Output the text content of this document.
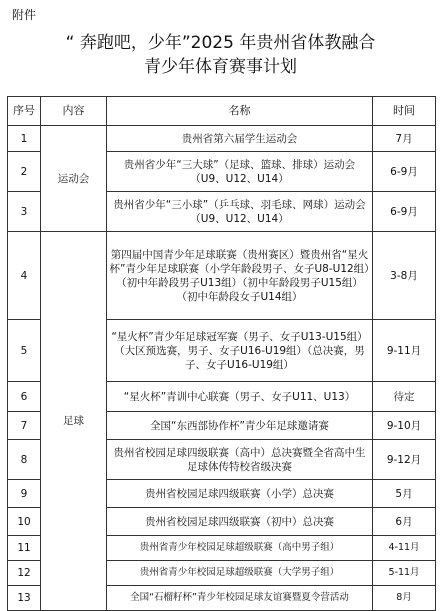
附件
“ 奔跑吧，少年”2025 年贵州省体教融合
青少年体育赛事计划
序号	内容	名称	时间
1	运动会	贵州省第六届学生运动会	7月
2		贵州省少年“三大球”（足球、篮球、排球）运动会（U9、U12、U14）	6-9月
3		贵州省少年“三小球”（乒乓球、羽毛球、网球）运动会（U9、U12、U14）	6-9月
4	足球	第四届中国青少年足球联赛（贵州赛区）暨贵州省“星火杯”青少年足球联赛（小学年龄段男子、女子U8-U12组）（初中年龄段男子U13组）（初中年龄段男子U15组）（初中年龄段女子U14组）	3-8月
5		“星火杯”青少年足球冠军赛（男子、女子U13-U15组）（大区预选赛，男子、女子U16-U19组）（总决赛，男子、女子U16-U19组）	9-11月
6		“星火杯”青训中心联赛（男子、女子U11、U13）	待定
7		全国“东西部协作杯”青少年足球邀请赛	9-10月
8		贵州省校园足球四级联赛（高中）总决赛暨全省高中生足球体传特校省级决赛	9-12月
9		贵州省校园足球四级联赛（小学）总决赛	5月
10		贵州省校园足球四级联赛（初中）总决赛	6月
11		贵州省青少年校园足球超级联赛（高中男子组）	4-11月
12		贵州省青少年校园足球超级联赛（大学男子组）	5-11月
13		全国“石榴籽杯”青少年校园足球友谊赛暨夏令营活动	8月
